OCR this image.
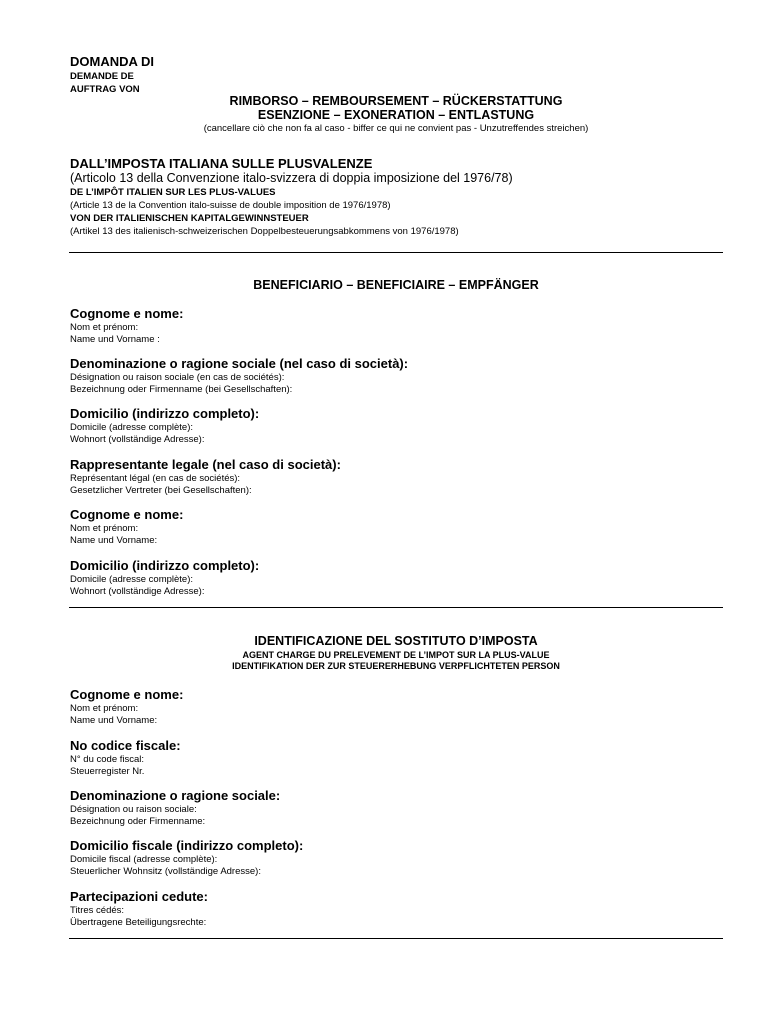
DOMANDA DI
DEMANDE DE
AUFTRAG VON
RIMBORSO – REMBOURSEMENT – RÜCKERSTATTUNG
ESENZIONE – EXONERATION – ENTLASTUNG
(cancellare ciò che non fa al caso - biffer ce qui ne convient pas - Unzutreffendes streichen)
DALL’IMPOSTA ITALIANA SULLE PLUSVALENZE
(Articolo 13 della Convenzione italo-svizzera di doppia imposizione del 1976/78)
DE L’IMPÔT ITALIEN SUR LES PLUS-VALUES
(Article 13 de la Convention italo-suisse de double imposition de 1976/1978)
VON DER ITALIENISCHEN KAPITALGEWINNSTEUER
(Artikel 13 des italienisch-schweizerischen Doppelbesteuerungsabkommens von 1976/1978)
BENEFICIARIO – BENEFICIAIRE – EMPFÄNGER
Cognome e nome:
Nom et prénom:
Name und Vorname :
Denominazione o ragione sociale (nel caso di società):
Désignation ou raison sociale (en cas de sociétés):
Bezeichnung oder Firmenname (bei Gesellschaften):
Domicilio (indirizzo completo):
Domicile (adresse complète):
Wohnort (vollständige Adresse):
Rappresentante legale (nel caso di società):
Représentant légal (en cas de sociétés):
Gesetzlicher Vertreter (bei Gesellschaften):
Cognome e nome:
Nom et prénom:
Name und Vorname:
Domicilio (indirizzo completo):
Domicile (adresse complète):
Wohnort (vollständige Adresse):
IDENTIFICAZIONE DEL SOSTITUTO D’IMPOSTA
AGENT CHARGE DU PRELEVEMENT DE L’IMPOT SUR LA PLUS-VALUE
IDENTIFIKATION DER ZUR STEUERERHEBUNG VERPFLICHTETEN PERSON
Cognome e nome:
Nom et prénom:
Name und Vorname:
No codice fiscale:
N° du code fiscal:
Steuerregister Nr.
Denominazione o ragione sociale:
Désignation ou raison sociale:
Bezeichnung oder Firmenname:
Domicilio fiscale (indirizzo completo):
Domicile fiscal (adresse complète):
Steuerlicher Wohnsitz (vollständige Adresse):
Partecipazioni cedute:
Titres cédés:
Übertragene Beteiligungsrechte:
